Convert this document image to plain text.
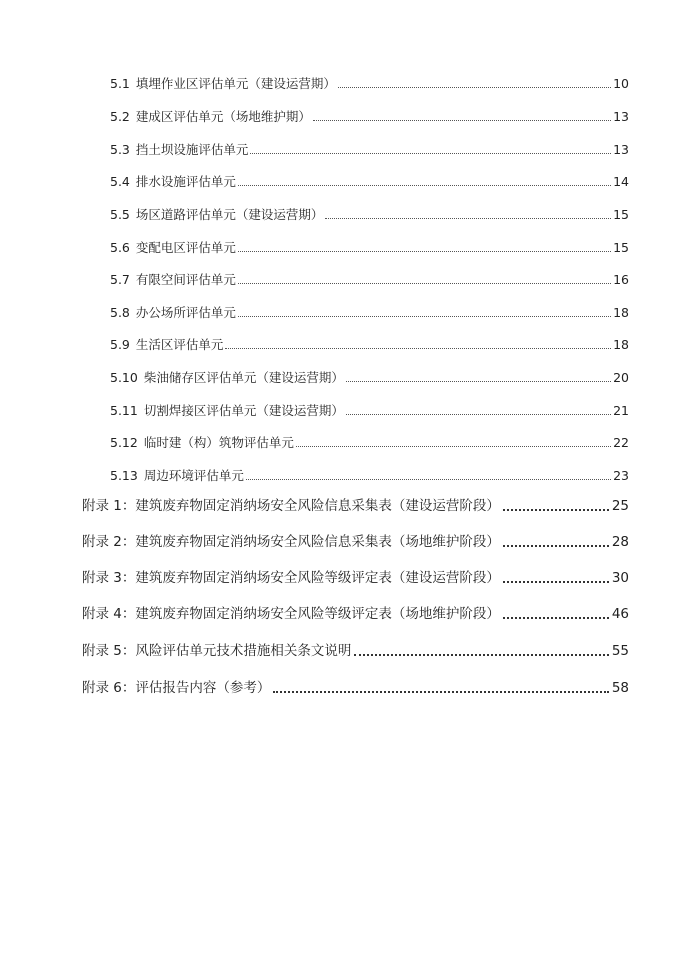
5.1 填埋作业区评估单元（建设运营期）	10
5.2 建成区评估单元（场地维护期）	13
5.3 挡土坝设施评估单元	13
5.4 排水设施评估单元	14
5.5 场区道路评估单元（建设运营期）	15
5.6 变配电区评估单元	15
5.7 有限空间评估单元	16
5.8 办公场所评估单元	18
5.9 生活区评估单元	18
5.10 柴油储存区评估单元（建设运营期）	20
5.11 切割焊接区评估单元（建设运营期）	21
5.12 临时建（构）筑物评估单元	22
5.13 周边环境评估单元	23
附录 1：建筑废弃物固定消纳场安全风险信息采集表（建设运营阶段）	25
附录 2：建筑废弃物固定消纳场安全风险信息采集表（场地维护阶段）	28
附录 3：建筑废弃物固定消纳场安全风险等级评定表（建设运营阶段）	30
附录 4：建筑废弃物固定消纳场安全风险等级评定表（场地维护阶段）	46
附录 5：风险评估单元技术措施相关条文说明	55
附录 6：评估报告内容（参考）	58
